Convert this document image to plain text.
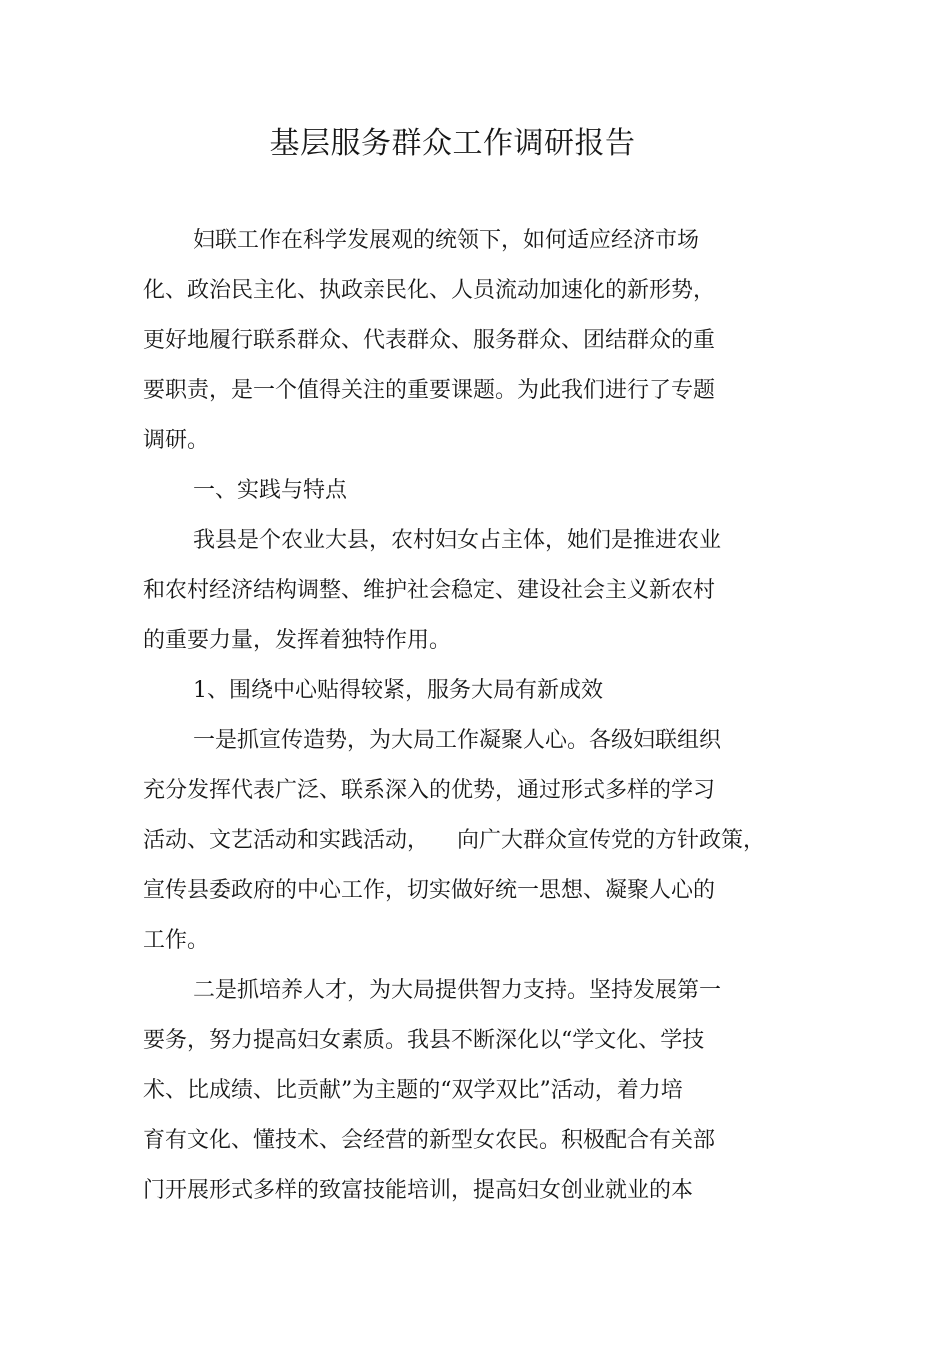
基层服务群众工作调研报告
妇联工作在科学发展观的统领下，如何适应经济市场
化、政治民主化、执政亲民化、人员流动加速化的新形势，
更好地履行联系群众、代表群众、服务群众、团结群众的重
要职责，是一个值得关注的重要课题。为此我们进行了专题
调研。
一、实践与特点
我县是个农业大县，农村妇女占主体，她们是推进农业
和农村经济结构调整、维护社会稳定、建设社会主义新农村
的重要力量，发挥着独特作用。
1、围绕中心贴得较紧，服务大局有新成效
一是抓宣传造势，为大局工作凝聚人心。各级妇联组织
充分发挥代表广泛、联系深入的优势，通过形式多样的学习
活动、文艺活动和实践活动，    向广大群众宣传党的方针政策，
宣传县委政府的中心工作，切实做好统一思想、凝聚人心的
工作。
二是抓培养人才，为大局提供智力支持。坚持发展第一
要务，努力提高妇女素质。我县不断深化以“学文化、学技
术、比成绩、比贡献”为主题的“双学双比”活动，着力培
育有文化、懂技术、会经营的新型女农民。积极配合有关部
门开展形式多样的致富技能培训，提高妇女创业就业的本
